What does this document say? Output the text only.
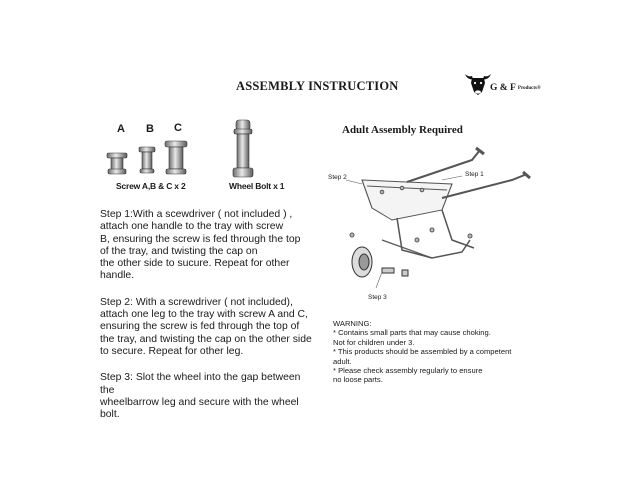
ASSEMBLY INSTRUCTION	G & F $_{Products®}$
A B C
Screw A,B & C x 2	Wheel Bolt x 1

Step 1:With a scewdriver ( not included ) ,
attach one handle to the tray with screw
B, ensuring the screw is fed through the top
of the tray, and twisting the cap on
the other side to sucure. Repeat for other
handle.

Step 2: With a screwdriver ( not included),
attach one leg to the tray with screw A and C,
ensuring the screw is fed through the top of
the tray, and twisting the cap on the other side
to secure. Repeat for other leg.

Step 3: Slot the wheel into the gap between the
wheelbarrow leg and secure with the wheel bolt.

Adult Assembly Required
Step 2	Step 1
Step 3
WARNING:
* Contains small parts that may cause choking.
Not for children under 3.
* This products should be assembled by a competent
adult.
* Please check assembly regularly to ensure
no loose parts.
